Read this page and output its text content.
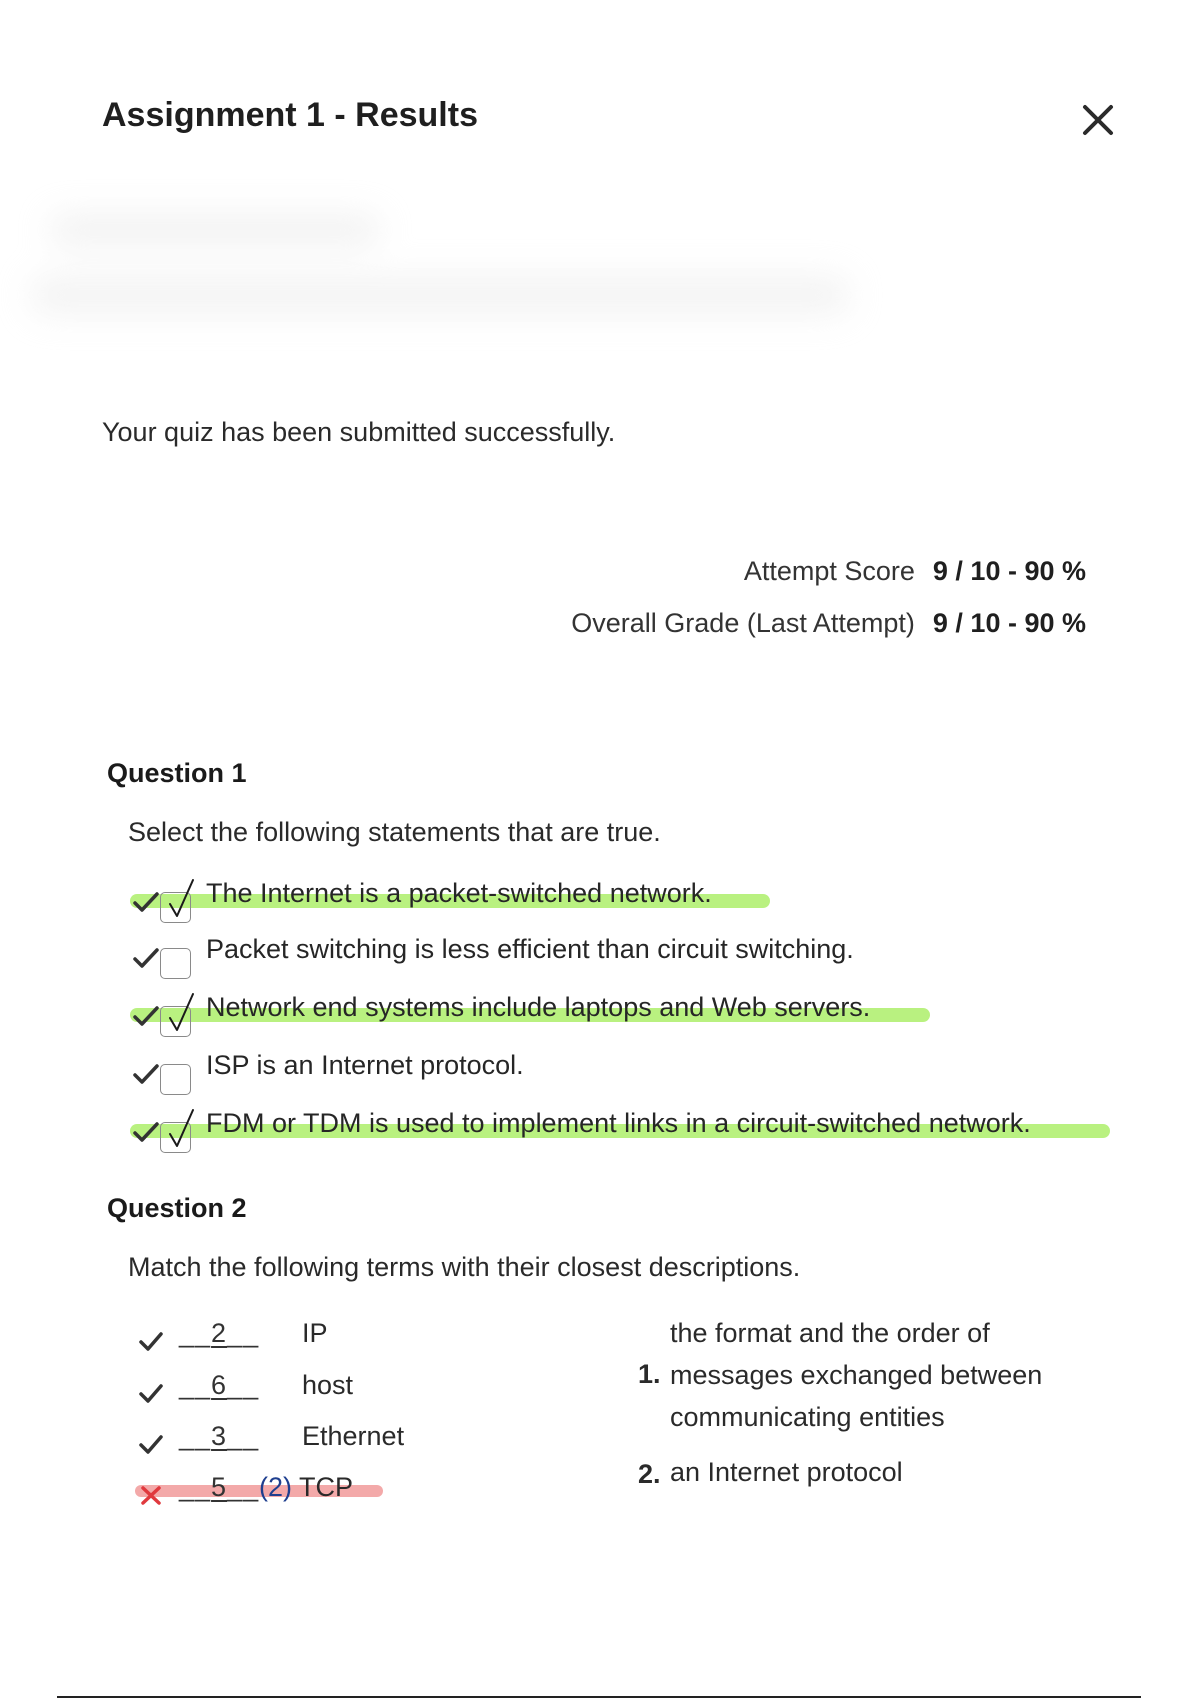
Assignment 1 - Results
Your quiz has been submitted successfully.
Attempt Score 9 / 10 - 90 %
Overall Grade (Last Attempt) 9 / 10 - 90 %
Question 1
Select the following statements that are true.
The Internet is a packet-switched network.
Packet switching is less efficient than circuit switching.
Network end systems include laptops and Web servers.
ISP is an Internet protocol.
FDM or TDM is used to implement links in a circuit-switched network.
Question 2
Match the following terms with their closest descriptions.
__2__ IP
__6__ host
__3__ Ethernet
__5__ (2) TCP
1.
the format and the order of
messages exchanged between
communicating entities
2. an Internet protocol
